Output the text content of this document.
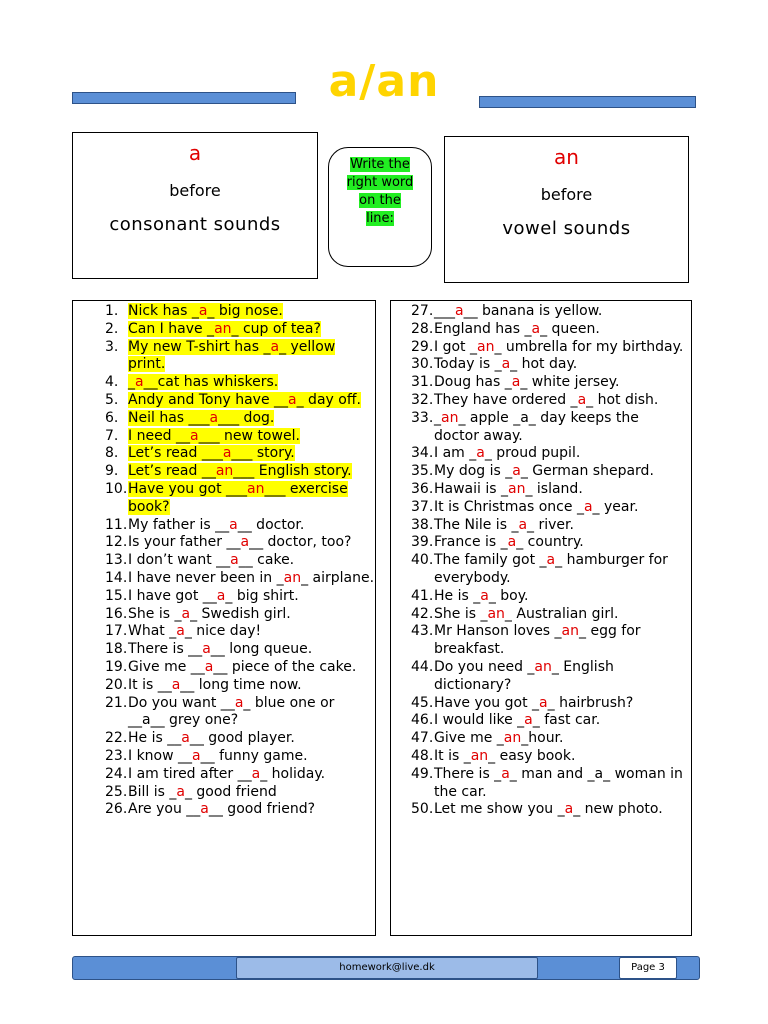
a/an
a
before
consonant sounds
Write the
right word
on the
line:
an
before
vowel sounds
1. Nick has _a_ big nose.
2. Can I have _an_ cup of tea?
3. My new T-shirt has _a_ yellow print.
4. _a__cat has whiskers.
5. Andy and Tony have __a_ day off.
6. Neil has ___a___ dog.
7. I need __a___ new towel.
8. Let’s read ___a___ story.
9. Let’s read __an___ English story.
10. Have you got ___an___ exercise book?
11. My father is __a__ doctor.
12. Is your father __a__ doctor, too?
13. I don’t want __a__ cake.
14. I have never been in _an_ airplane.
15. I have got __a_ big shirt.
16. She is _a_ Swedish girl.
17. What _a_ nice day!
18. There is __a__ long queue.
19. Give me __a__ piece of the cake.
20. It is __a__ long time now.
21. Do you want __a_ blue one or __a__ grey one?
22. He is __a__ good player.
23. I know __a__ funny game.
24. I am tired after __a_ holiday.
25. Bill is _a_ good friend
26. Are you __a__ good friend?
27. ___a__ banana is yellow.
28. England has _a_ queen.
29. I got _an_ umbrella for my birthday.
30. Today is _a_ hot day.
31. Doug has _a_ white jersey.
32. They have ordered _a_ hot dish.
33. _an_ apple _a_ day keeps the doctor away.
34. I am _a_ proud pupil.
35. My dog is _a_ German shepard.
36. Hawaii is _an_ island.
37. It is Christmas once _a_ year.
38. The Nile is _a_ river.
39. France is _a_ country.
40. The family got _a_ hamburger for everybody.
41. He is _a_ boy.
42. She is _an_ Australian girl.
43. Mr Hanson loves _an_ egg for breakfast.
44. Do you need _an_ English dictionary?
45. Have you got _a_ hairbrush?
46. I would like _a_ fast car.
47. Give me _an_hour.
48. It is _an_ easy book.
49. There is _a_ man and _a_ woman in the car.
50. Let me show you _a_ new photo.
homework@live.dk	Page 3
